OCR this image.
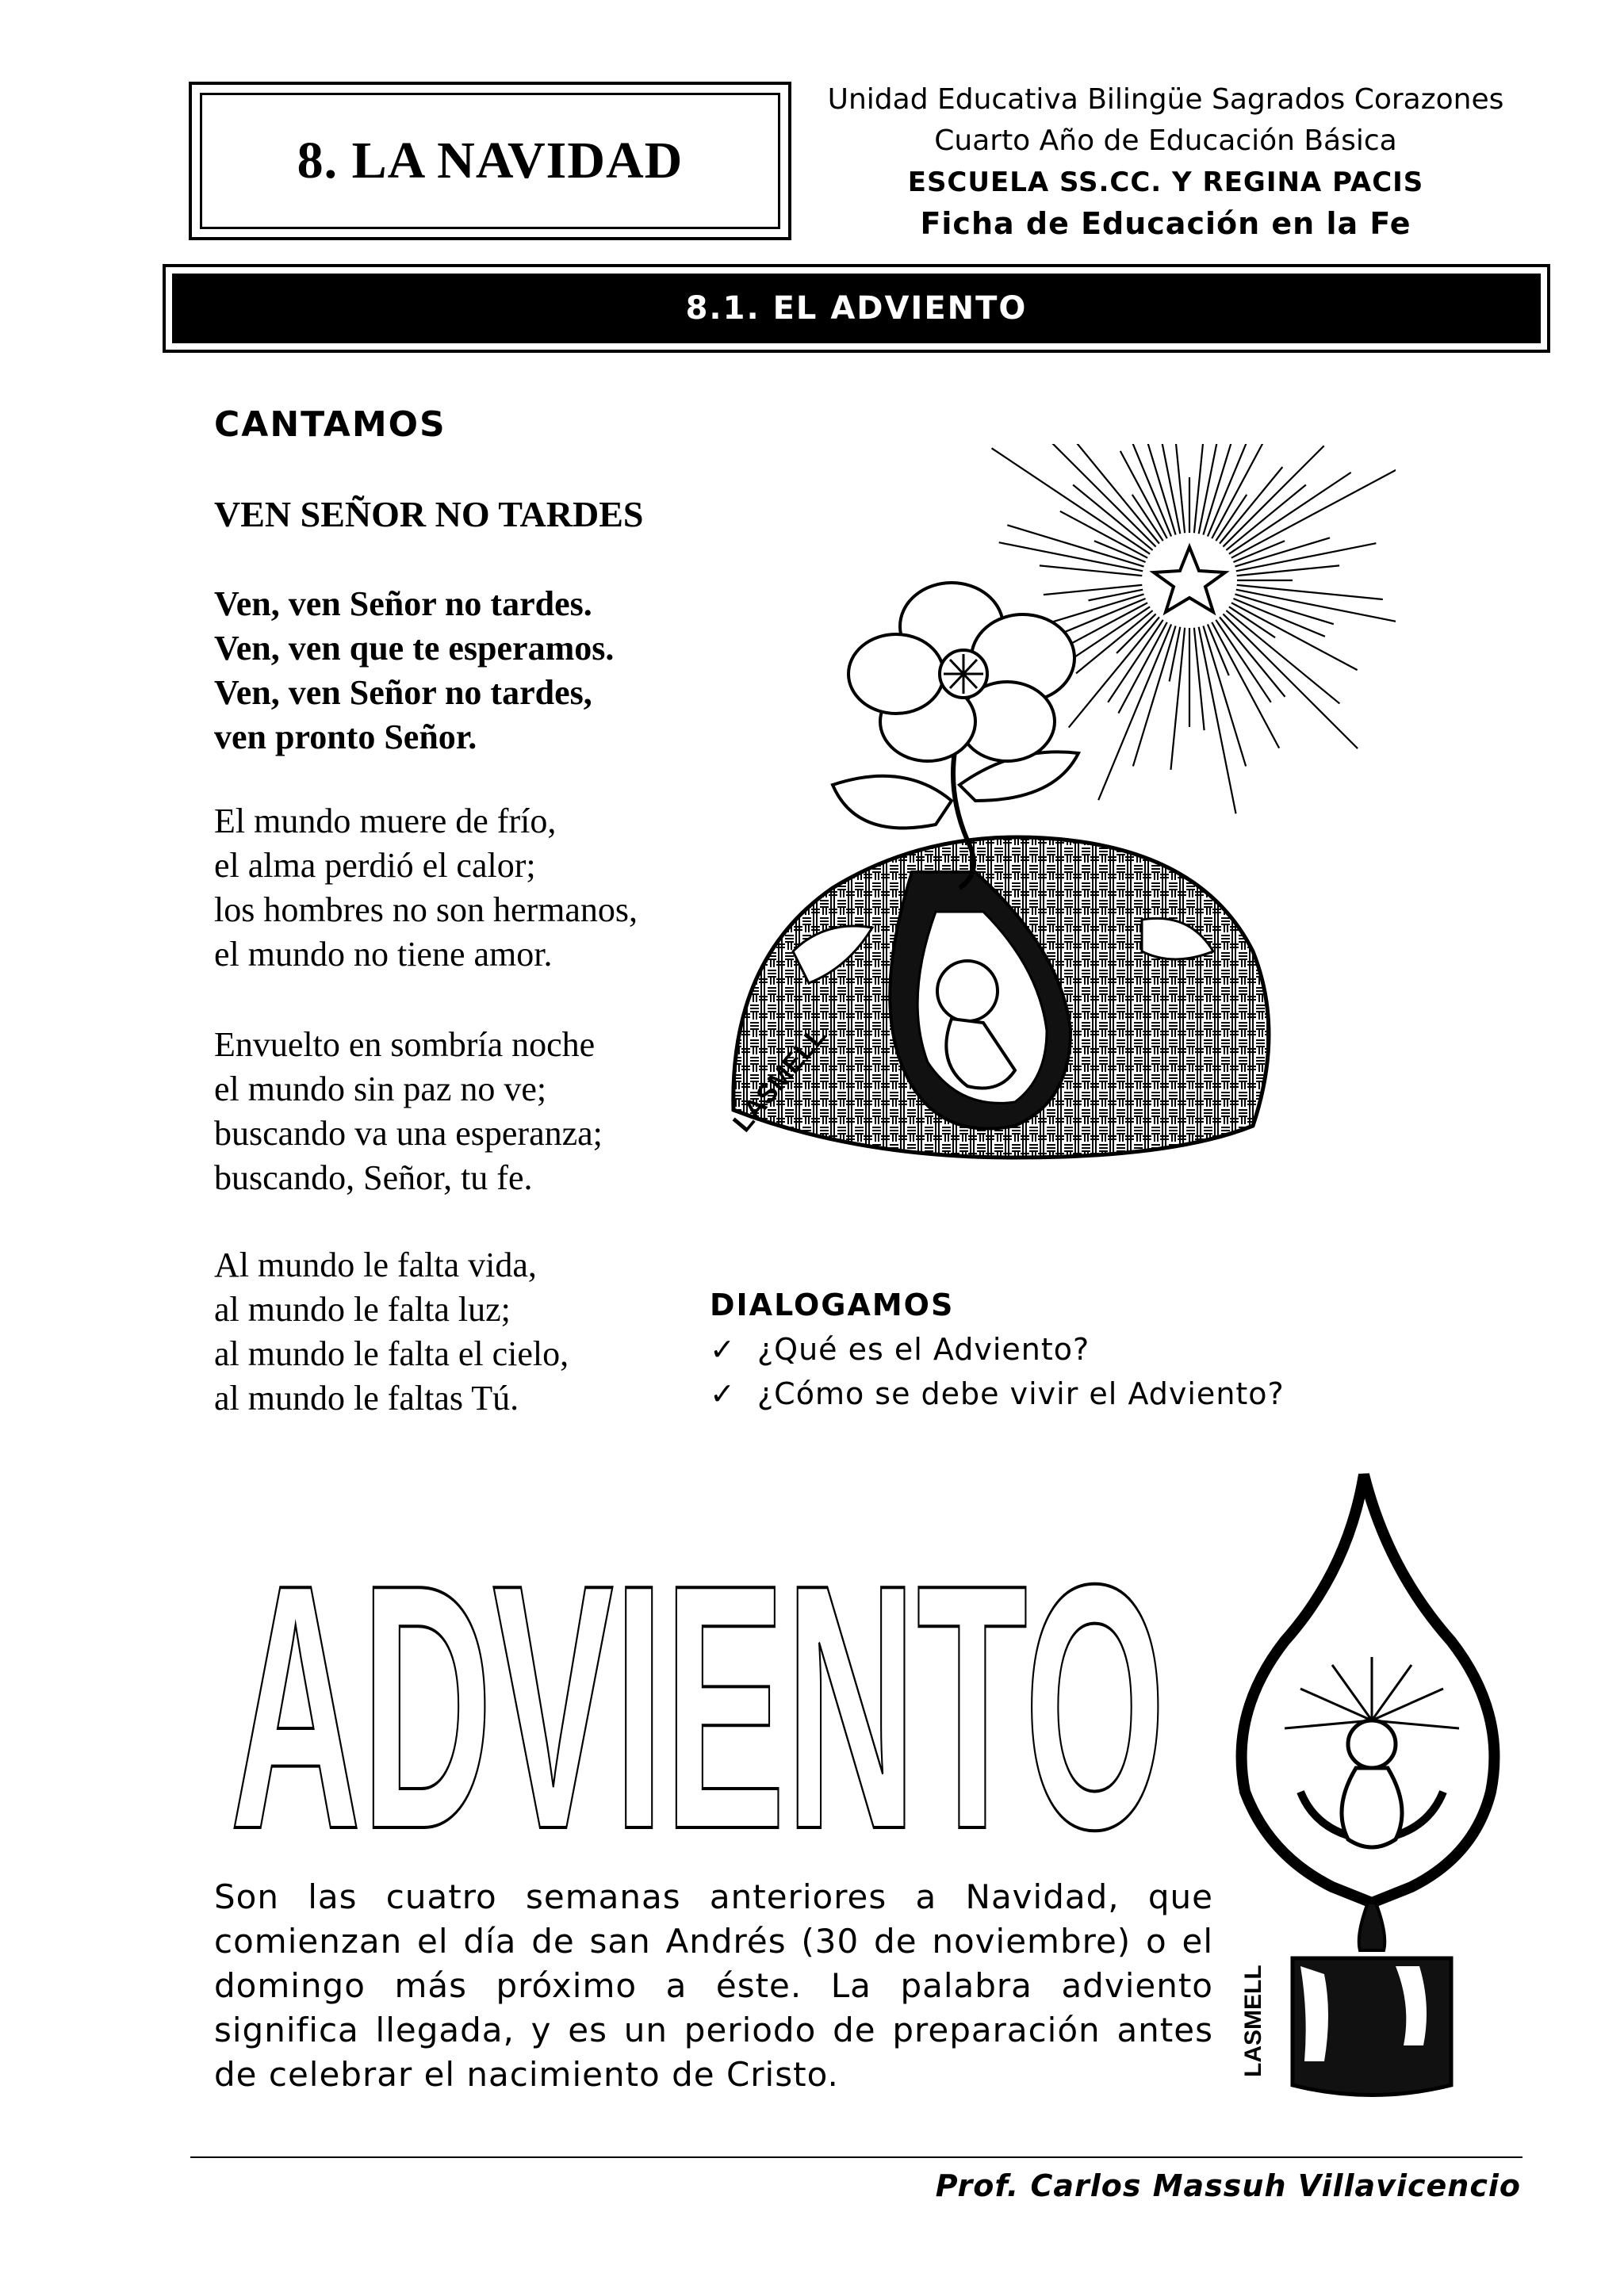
8. LA NAVIDAD
Unidad Educativa Bilingüe Sagrados Corazones
Cuarto Año de Educación Básica
ESCUELA SS.CC. Y REGINA PACIS
Ficha de Educación en la Fe
8.1. EL ADVIENTO
CANTAMOS
VEN SEÑOR NO TARDES
Ven, ven Señor no tardes.
Ven, ven que te esperamos.
Ven, ven Señor no tardes,
ven pronto Señor.
El mundo muere de frío,
el alma perdió el calor;
los hombres no son hermanos,
el mundo no tiene amor.
Envuelto en sombría noche
el mundo sin paz no ve;
buscando va una esperanza;
buscando, Señor, tu fe.
Al mundo le falta vida,
al mundo le falta luz;
al mundo le falta el cielo,
al mundo le faltas Tú.
LASMELL
DIALOGAMOS
✓ ¿Qué es el Adviento?
✓ ¿Cómo se debe vivir el Adviento?
ADVIENTO
LASMELL
Son las cuatro semanas anteriores a Navidad, que comienzan el día de san Andrés (30 de noviembre) o el domingo más próximo a éste. La palabra adviento significa llegada, y es un periodo de preparación antes de celebrar el nacimiento de Cristo.
Prof. Carlos Massuh Villavicencio
